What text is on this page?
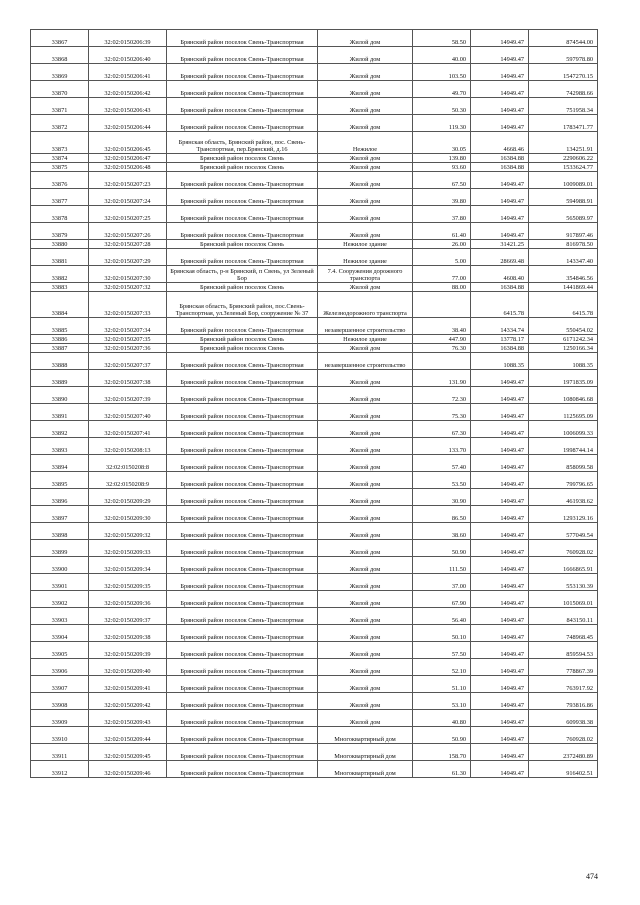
33867	32:02:0150206:39	Брянский район поселок Свень-Транспортная	Жилой дом	58.50	14949.47	874544.00
33868	32:02:0150206:40	Брянский район поселок Свень-Транспортная	Жилой дом	40.00	14949.47	597978.80
33869	32:02:0150206:41	Брянский район поселок Свень-Транспортная	Жилой дом	103.50	14949.47	1547270.15
33870	32:02:0150206:42	Брянский район поселок Свень-Транспортная	Жилой дом	49.70	14949.47	742988.66
33871	32:02:0150206:43	Брянский район поселок Свень-Транспортная	Жилой дом	50.30	14949.47	751958.34
33872	32:02:0150206:44	Брянский район поселок Свень-Транспортная	Жилой дом	119.30	14949.47	1783471.77
33873	32:02:0150206:45	Брянская область, Брянский район, пос. Свень-Транспортная, пер.Брянский, д.16	Нежилое	30.05	4668.46	134251.91
33874	32:02:0150206:47	Брянский район поселок Свень	Жилой дом	139.80	16384.88	2290606.22
33875	32:02:0150206:48	Брянский район поселок Свень	Жилой дом	93.60	16384.88	1533624.77
33876	32:02:0150207:23	Брянский район поселок Свень-Транспортная	Жилой дом	67.50	14949.47	1009089.01
33877	32:02:0150207:24	Брянский район поселок Свень-Транспортная	Жилой дом	39.80	14949.47	594988.91
33878	32:02:0150207:25	Брянский район поселок Свень-Транспортная	Жилой дом	37.80	14949.47	565089.97
33879	32:02:0150207:26	Брянский район поселок Свень-Транспортная	Жилой дом	61.40	14949.47	917897.46
33880	32:02:0150207:28	Брянский район поселок Свень	Нежилое здание	26.00	31421.25	816978.50
33881	32:02:0150207:29	Брянский район поселок Свень-Транспортная	Нежилое здание	5.00	28669.48	143347.40
33882	32:02:0150207:30	Брянская область, р-н Брянский, п Свень, ул Зеленый Бор	7.4. Сооружения дорожного транспорта	77.00	4608.40	354846.56
33883	32:02:0150207:32	Брянский район поселок Свень	Жилой дом	88.00	16384.88	1441869.44
33884	32:02:0150207:33	Брянская область, Брянский район, пос.Свень-Транспортная, ул.Зеленый Бор, сооружение № 37	Железнодорожного транспорта		6415.78	6415.78
33885	32:02:0150207:34	Брянский район поселок Свень-Транспортная	незавершенное строительство	38.40	14334.74	550454.02
33886	32:02:0150207:35	Брянский район поселок Свень	Нежилое здание	447.90	13778.17	6171242.34
33887	32:02:0150207:36	Брянский район поселок Свень	Жилой дом	76.30	16384.88	1250166.34
33888	32:02:0150207:37	Брянский район поселок Свень-Транспортная	незавершенное строительство		1088.35	1088.35
33889	32:02:0150207:38	Брянский район поселок Свень-Транспортная	Жилой дом	131.90	14949.47	1971835.09
33890	32:02:0150207:39	Брянский район поселок Свень-Транспортная	Жилой дом	72.30	14949.47	1080846.68
33891	32:02:0150207:40	Брянский район поселок Свень-Транспортная	Жилой дом	75.30	14949.47	1125695.09
33892	32:02:0150207:41	Брянский район поселок Свень-Транспортная	Жилой дом	67.30	14949.47	1006099.33
33893	32:02:0150208:13	Брянский район поселок Свень-Транспортная	Жилой дом	133.70	14949.47	1998744.14
33894	32:02:0150208:8	Брянский район поселок Свень-Транспортная	Жилой дом	57.40	14949.47	858099.58
33895	32:02:0150208:9	Брянский район поселок Свень-Транспортная	Жилой дом	53.50	14949.47	799796.65
33896	32:02:0150209:29	Брянский район поселок Свень-Транспортная	Жилой дом	30.90	14949.47	461938.62
33897	32:02:0150209:30	Брянский район поселок Свень-Транспортная	Жилой дом	86.50	14949.47	1293129.16
33898	32:02:0150209:32	Брянский район поселок Свень-Транспортная	Жилой дом	38.60	14949.47	577049.54
33899	32:02:0150209:33	Брянский район поселок Свень-Транспортная	Жилой дом	50.90	14949.47	760928.02
33900	32:02:0150209:34	Брянский район поселок Свень-Транспортная	Жилой дом	111.50	14949.47	1666865.91
33901	32:02:0150209:35	Брянский район поселок Свень-Транспортная	Жилой дом	37.00	14949.47	553130.39
33902	32:02:0150209:36	Брянский район поселок Свень-Транспортная	Жилой дом	67.90	14949.47	1015069.01
33903	32:02:0150209:37	Брянский район поселок Свень-Транспортная	Жилой дом	56.40	14949.47	843150.11
33904	32:02:0150209:38	Брянский район поселок Свень-Транспортная	Жилой дом	50.10	14949.47	748968.45
33905	32:02:0150209:39	Брянский район поселок Свень-Транспортная	Жилой дом	57.50	14949.47	859594.53
33906	32:02:0150209:40	Брянский район поселок Свень-Транспортная	Жилой дом	52.10	14949.47	778867.39
33907	32:02:0150209:41	Брянский район поселок Свень-Транспортная	Жилой дом	51.10	14949.47	763917.92
33908	32:02:0150209:42	Брянский район поселок Свень-Транспортная	Жилой дом	53.10	14949.47	793816.86
33909	32:02:0150209:43	Брянский район поселок Свень-Транспортная	Жилой дом	40.80	14949.47	609938.38
33910	32:02:0150209:44	Брянский район поселок Свень-Транспортная	Многоквартирный дом	50.90	14949.47	760928.02
33911	32:02:0150209:45	Брянский район поселок Свень-Транспортная	Многоквартирный дом	158.70	14949.47	2372480.89
33912	32:02:0150209:46	Брянский район поселок Свень-Транспортная	Многоквартирный дом	61.30	14949.47	916402.51
474
